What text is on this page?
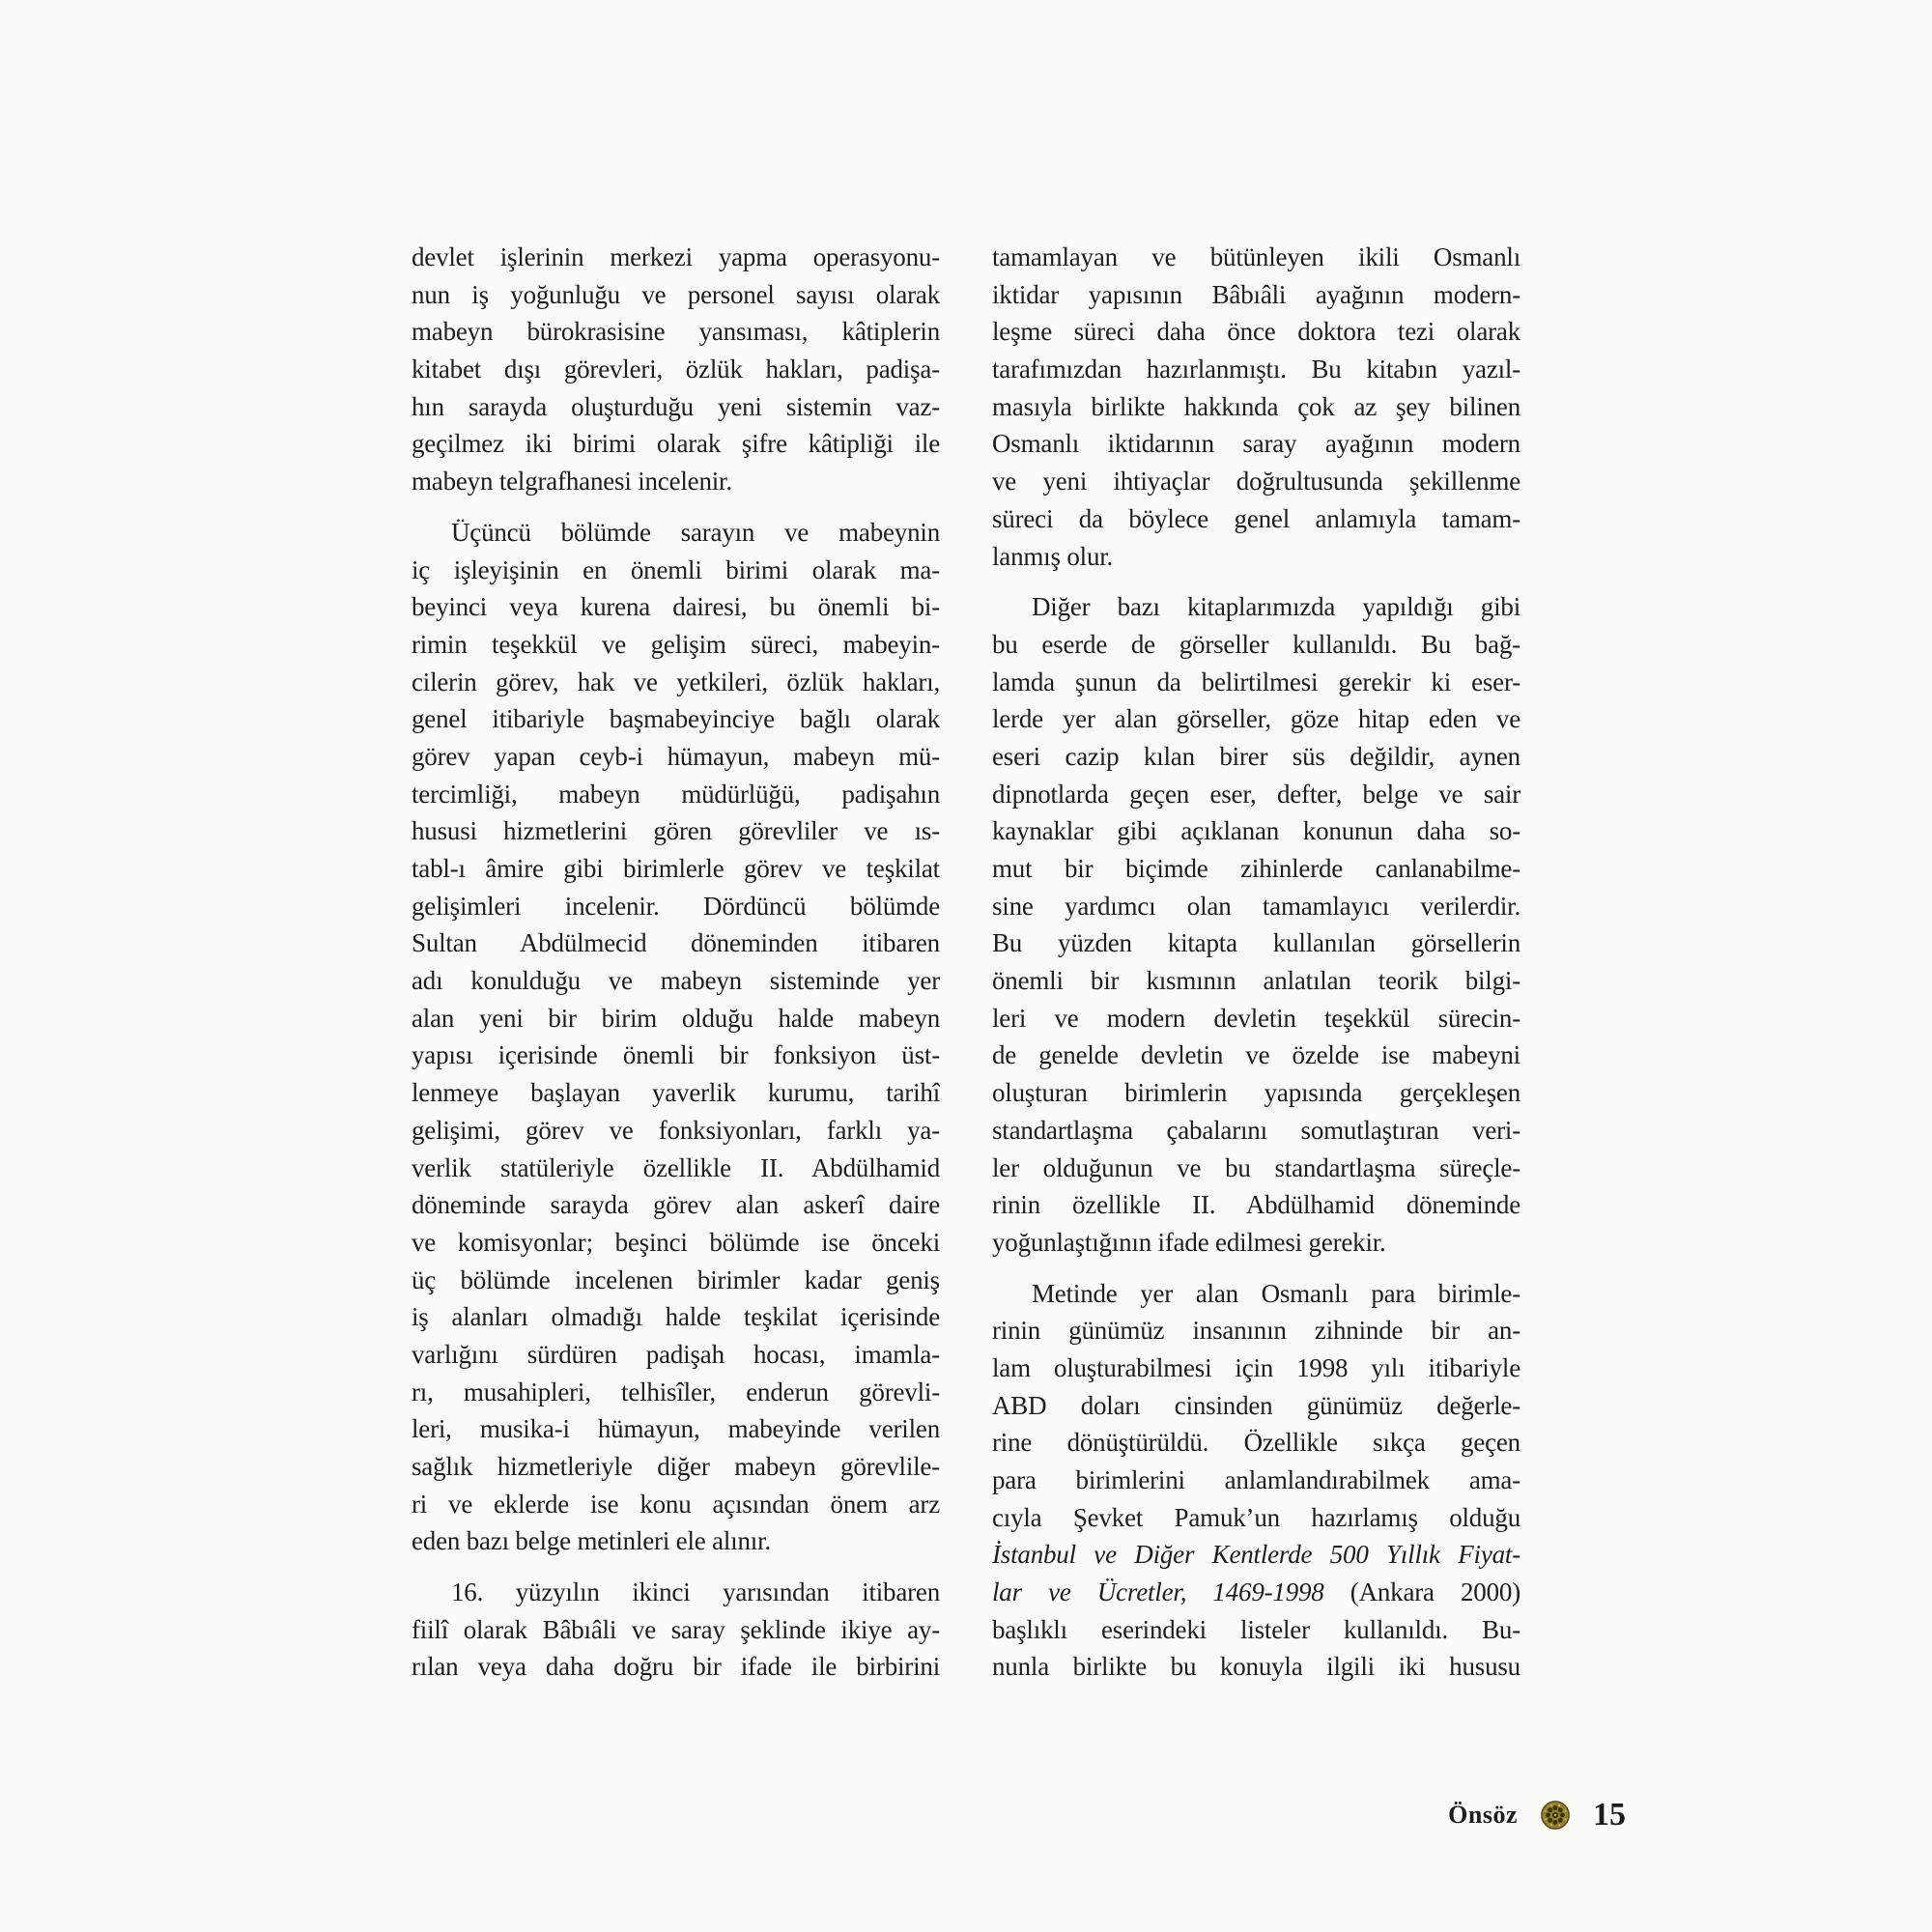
devlet işlerinin merkezi yapma operasyonu-
nun iş yoğunluğu ve personel sayısı olarak
mabeyn bürokrasisine yansıması, kâtiplerin
kitabet dışı görevleri, özlük hakları, padişa-
hın sarayda oluşturduğu yeni sistemin vaz-
geçilmez iki birimi olarak şifre kâtipliği ile
mabeyn telgrafhanesi incelenir.
Üçüncü bölümde sarayın ve mabeynin
iç işleyişinin en önemli birimi olarak ma-
beyinci veya kurena dairesi, bu önemli bi-
rimin teşekkül ve gelişim süreci, mabeyin-
cilerin görev, hak ve yetkileri, özlük hakları,
genel itibariyle başmabeyinciye bağlı olarak
görev yapan ceyb-i hümayun, mabeyn mü-
tercimliği, mabeyn müdürlüğü, padişahın
hususi hizmetlerini gören görevliler ve ıs-
tabl-ı âmire gibi birimlerle görev ve teşkilat
gelişimleri incelenir. Dördüncü bölümde
Sultan Abdülmecid döneminden itibaren
adı konulduğu ve mabeyn sisteminde yer
alan yeni bir birim olduğu halde mabeyn
yapısı içerisinde önemli bir fonksiyon üst-
lenmeye başlayan yaverlik kurumu, tarihî
gelişimi, görev ve fonksiyonları, farklı ya-
verlik statüleriyle özellikle II. Abdülhamid
döneminde sarayda görev alan askerî daire
ve komisyonlar; beşinci bölümde ise önceki
üç bölümde incelenen birimler kadar geniş
iş alanları olmadığı halde teşkilat içerisinde
varlığını sürdüren padişah hocası, imamla-
rı, musahipleri, telhisîler, enderun görevli-
leri, musika-i hümayun, mabeyinde verilen
sağlık hizmetleriyle diğer mabeyn görevlile-
ri ve eklerde ise konu açısından önem arz
eden bazı belge metinleri ele alınır.
16. yüzyılın ikinci yarısından itibaren
fiilî olarak Bâbıâli ve saray şeklinde ikiye ay-
rılan veya daha doğru bir ifade ile birbirini
tamamlayan ve bütünleyen ikili Osmanlı
iktidar yapısının Bâbıâli ayağının modern-
leşme süreci daha önce doktora tezi olarak
tarafımızdan hazırlanmıştı. Bu kitabın yazıl-
masıyla birlikte hakkında çok az şey bilinen
Osmanlı iktidarının saray ayağının modern
ve yeni ihtiyaçlar doğrultusunda şekillenme
süreci da böylece genel anlamıyla tamam-
lanmış olur.
Diğer bazı kitaplarımızda yapıldığı gibi
bu eserde de görseller kullanıldı. Bu bağ-
lamda şunun da belirtilmesi gerekir ki eser-
lerde yer alan görseller, göze hitap eden ve
eseri cazip kılan birer süs değildir, aynen
dipnotlarda geçen eser, defter, belge ve sair
kaynaklar gibi açıklanan konunun daha so-
mut bir biçimde zihinlerde canlanabilme-
sine yardımcı olan tamamlayıcı verilerdir.
Bu yüzden kitapta kullanılan görsellerin
önemli bir kısmının anlatılan teorik bilgi-
leri ve modern devletin teşekkül sürecin-
de genelde devletin ve özelde ise mabeyni
oluşturan birimlerin yapısında gerçekleşen
standartlaşma çabalarını somutlaştıran veri-
ler olduğunun ve bu standartlaşma süreçle-
rinin özellikle II. Abdülhamid döneminde
yoğunlaştığının ifade edilmesi gerekir.
Metinde yer alan Osmanlı para birimle-
rinin günümüz insanının zihninde bir an-
lam oluşturabilmesi için 1998 yılı itibariyle
ABD doları cinsinden günümüz değerle-
rine dönüştürüldü. Özellikle sıkça geçen
para birimlerini anlamlandırabilmek ama-
cıyla Şevket Pamuk’un hazırlamış olduğu
İstanbul ve Diğer Kentlerde 500 Yıllık Fiyat-
lar ve Ücretler, 1469-1998 (Ankara 2000)
başlıklı eserindeki listeler kullanıldı. Bu-
nunla birlikte bu konuyla ilgili iki hususu
Önsöz 15
